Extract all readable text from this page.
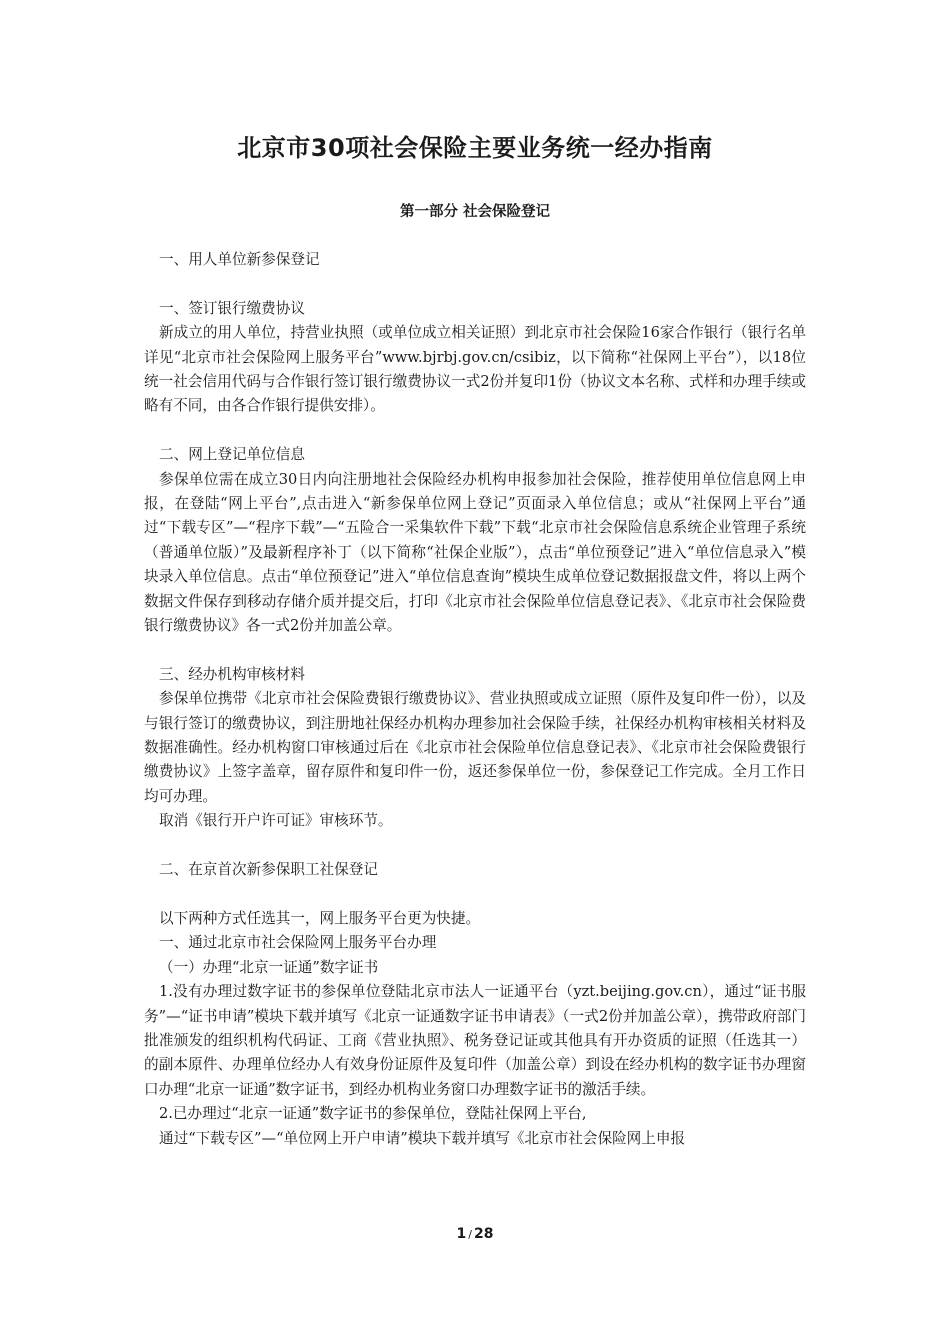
北京市30项社会保险主要业务统一经办指南
第一部分 社会保险登记

一、用人单位新参保登记

一、签订银行缴费协议

新成立的用人单位，持营业执照（或单位成立相关证照）到北京市社会保险16家合作银行（银行名单详见“北京市社会保险网上服务平台”www.bjrbj.gov.cn/csibiz，以下简称“社保网上平台”），以18位统一社会信用代码与合作银行签订银行缴费协议一式2份并复印1份（协议文本名称、式样和办理手续或略有不同，由各合作银行提供安排）。

二、网上登记单位信息

参保单位需在成立30日内向注册地社会保险经办机构申报参加社会保险，推荐使用单位信息网上申报，在登陆“网上平台”,点击进入“新参保单位网上登记”页面录入单位信息；或从“社保网上平台”通过“下载专区”—“程序下载”—“五险合一采集软件下载”下载“北京市社会保险信息系统企业管理子系统（普通单位版）”及最新程序补丁（以下简称“社保企业版”），点击“单位预登记”进入“单位信息录入”模块录入单位信息。点击“单位预登记”进入“单位信息查询”模块生成单位登记数据报盘文件，将以上两个数据文件保存到移动存储介质并提交后，打印《北京市社会保险单位信息登记表》、《北京市社会保险费银行缴费协议》各一式2份并加盖公章。

三、经办机构审核材料

参保单位携带《北京市社会保险费银行缴费协议》、营业执照或成立证照（原件及复印件一份），以及与银行签订的缴费协议，到注册地社保经办机构办理参加社会保险手续，社保经办机构审核相关材料及数据准确性。经办机构窗口审核通过后在《北京市社会保险单位信息登记表》、《北京市社会保险费银行缴费协议》上签字盖章，留存原件和复印件一份，返还参保单位一份，参保登记工作完成。全月工作日均可办理。

取消《银行开户许可证》审核环节。

二、在京首次新参保职工社保登记

以下两种方式任选其一，网上服务平台更为快捷。

一、通过北京市社会保险网上服务平台办理

（一）办理“北京一证通”数字证书

1.没有办理过数字证书的参保单位登陆北京市法人一证通平台（yzt.beijing.gov.cn），通过“证书服务”—“证书申请”模块下载并填写《北京一证通数字证书申请表》（一式2份并加盖公章），携带政府部门批准颁发的组织机构代码证、工商《营业执照》、税务登记证或其他具有开办资质的证照（任选其一）的副本原件、办理单位经办人有效身份证原件及复印件（加盖公章）到设在经办机构的数字证书办理窗口办理“北京一证通”数字证书，到经办机构业务窗口办理数字证书的激活手续。

2.已办理过“北京一证通”数字证书的参保单位，登陆社保网上平台,

通过“下载专区”—“单位网上开户申请”模块下载并填写《北京市社会保险网上申报

1 / 28
